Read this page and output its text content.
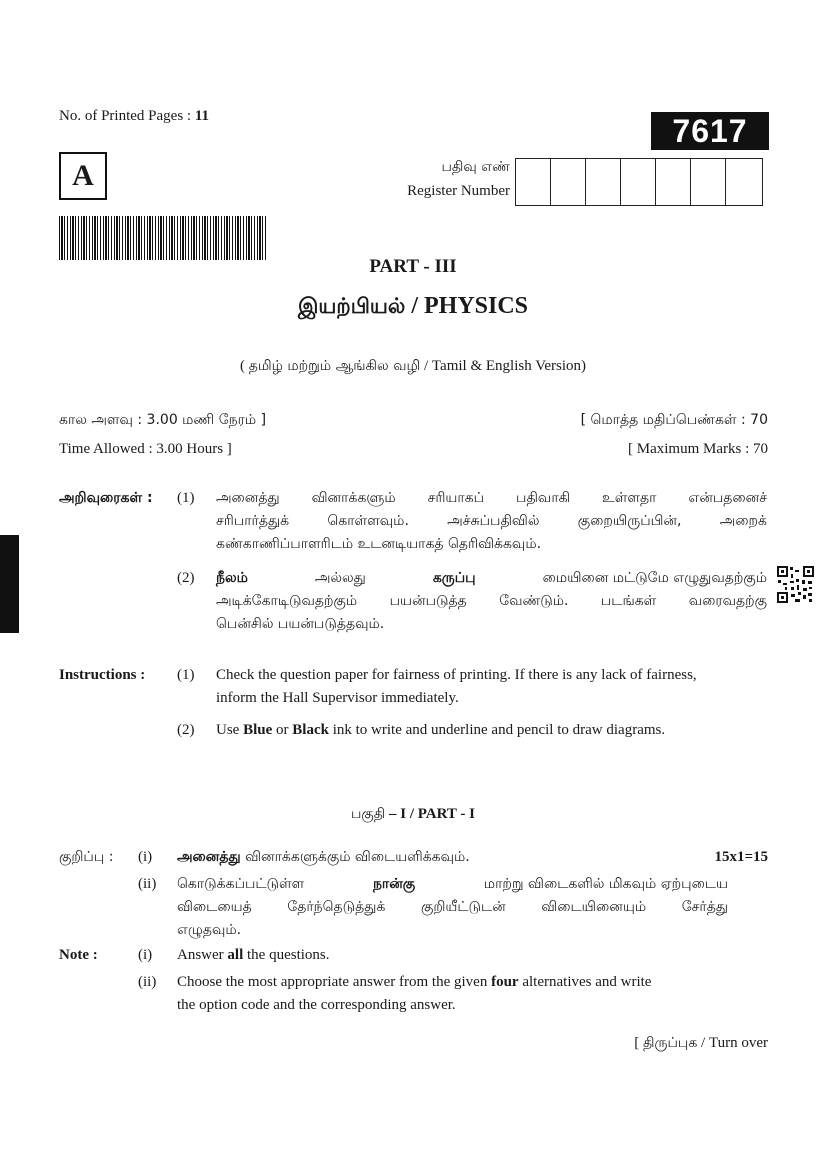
No. of Printed Pages : 11	7617
A	பதிவு எண்
Register Number
PART - III
இயற்பியல் / PHYSICS
( தமிழ் மற்றும் ஆங்கில வழி / Tamil & English Version)
கால அளவு : 3.00 மணி நேரம் ]	[ மொத்த மதிப்பெண்கள் : 70
Time Allowed : 3.00 Hours ]	[ Maximum Marks : 70
அறிவுரைகள் : (1) அனைத்து வினாக்களும் சரியாகப் பதிவாகி உள்ளதா என்பதனைச்
சரிபார்த்துக் கொள்ளவும். அச்சுப்பதிவில் குறையிருப்பின், அறைக்
கண்காணிப்பாளரிடம் உடனடியாகத் தெரிவிக்கவும்.
(2) நீலம்	அல்லது	கருப்பு	மையினை மட்டுமே எழுதுவதற்கும்
அடிக்கோடிடுவதற்கும் பயன்படுத்த வேண்டும். படங்கள் வரைவதற்கு
பென்சில் பயன்படுத்தவும்.
Instructions : (1) Check the question paper for fairness of printing. If there is any lack of fairness,
inform the Hall Supervisor immediately.
(2) Use Blue or Black ink to write and underline and pencil to draw diagrams.
பகுதி – I / PART - I
குறிப்பு : (i) அனைத்து வினாக்களுக்கும் விடையளிக்கவும்.	15x1=15
(ii) கொடுக்கப்பட்டுள்ள	நான்கு	மாற்று விடைகளில் மிகவும் ஏற்புடைய
விடையைத் தேர்ந்தெடுத்துக் குறியீட்டுடன் விடையினையும் சேர்த்து
எழுதவும்.
Note :	(i) Answer all the questions.
(ii) Choose the most appropriate answer from the given four alternatives and write
the option code and the corresponding answer.
[ திருப்புக / Turn over
